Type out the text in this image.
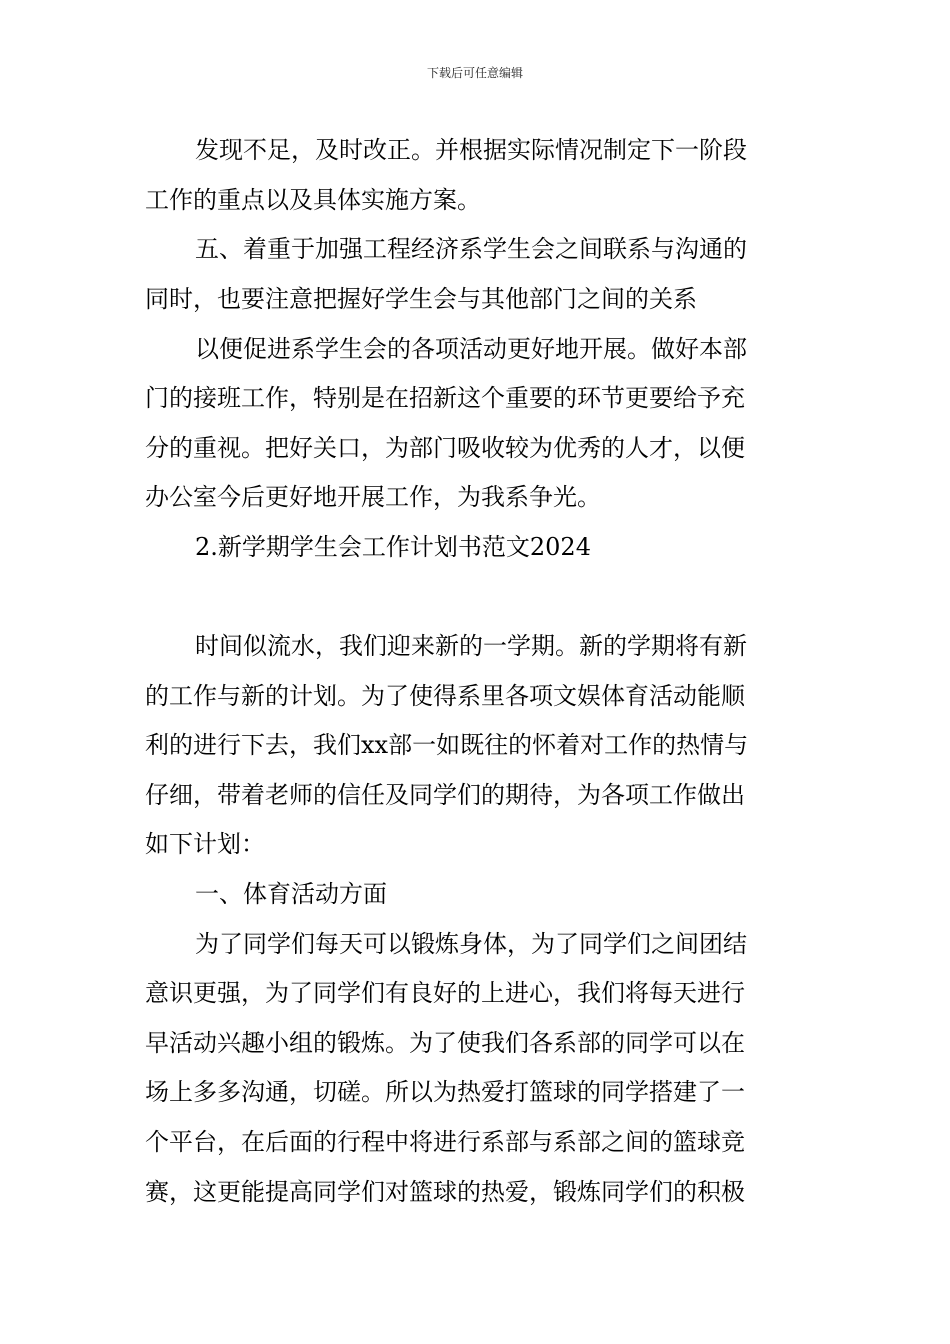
下载后可任意编辑
发现不足，及时改正。并根据实际情况制定下一阶段
工作的重点以及具体实施方案。
五、着重于加强工程经济系学生会之间联系与沟通的
同时，也要注意把握好学生会与其他部门之间的关系
以便促进系学生会的各项活动更好地开展。做好本部
门的接班工作，特别是在招新这个重要的环节更要给予充
分的重视。把好关口，为部门吸收较为优秀的人才，以便
办公室今后更好地开展工作，为我系争光。
2.新学期学生会工作计划书范文2024
时间似流水，我们迎来新的一学期。新的学期将有新
的工作与新的计划。为了使得系里各项文娱体育活动能顺
利的进行下去，我们xx部一如既往的怀着对工作的热情与
仔细，带着老师的信任及同学们的期待，为各项工作做出
如下计划：
一、体育活动方面
为了同学们每天可以锻炼身体，为了同学们之间团结
意识更强，为了同学们有良好的上进心，我们将每天进行
早活动兴趣小组的锻炼。为了使我们各系部的同学可以在
场上多多沟通，切磋。所以为热爱打篮球的同学搭建了一
个平台，在后面的行程中将进行系部与系部之间的篮球竞
赛，这更能提高同学们对篮球的热爱，锻炼同学们的积极
